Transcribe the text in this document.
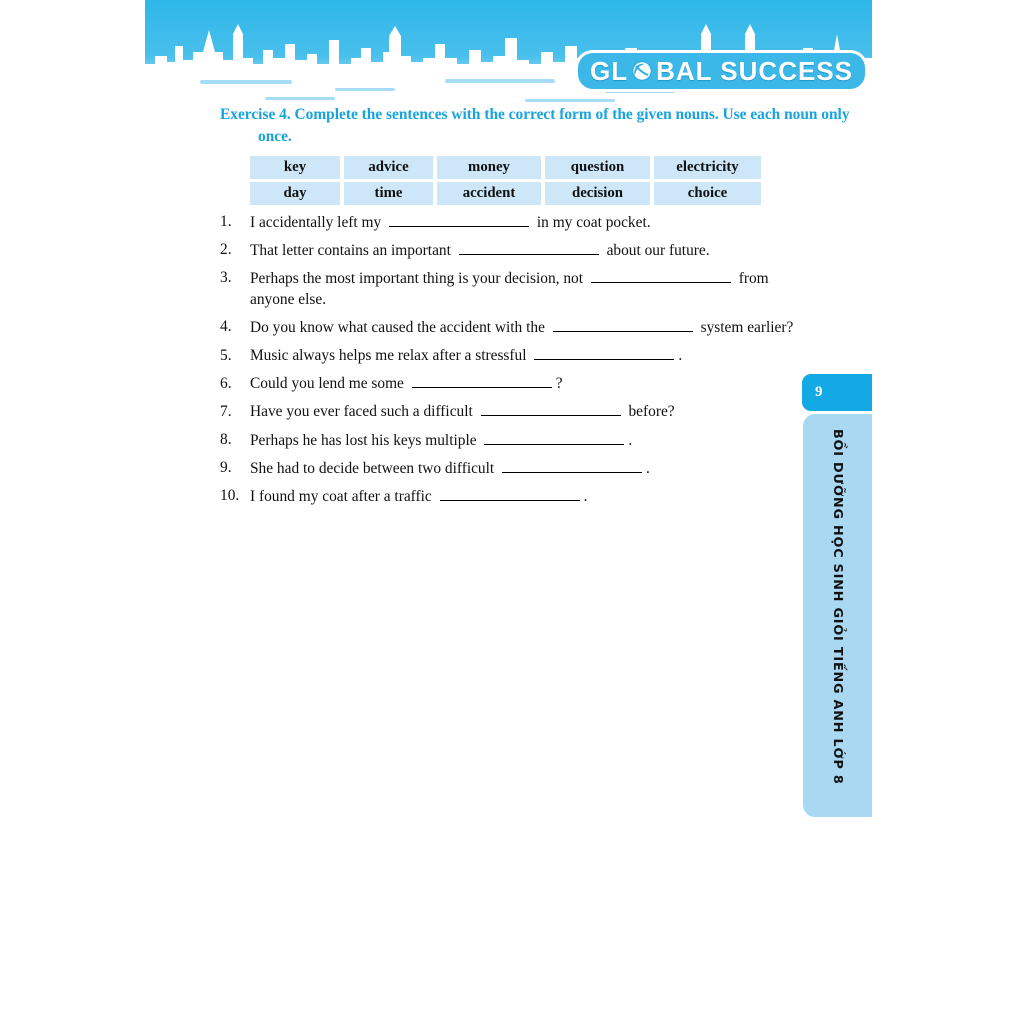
GL BAL SUCCESS
Exercise 4. Complete the sentences with the correct form of the given nouns. Use each noun only once.
key	advice	money	question	electricity
day	time	accident	decision	choice
1. I accidentally left my	in my coat pocket.
2. That letter contains an important	about our future.
3. Perhaps the most important thing is your decision, not	from anyone else.
4. Do you know what caused the accident with the	system earlier?
5. Music always helps me relax after a stressful	.
6. Could you lend me some	?
7. Have you ever faced such a difficult	before?
8. Perhaps he has lost his keys multiple	.
9. She had to decide between two difficult	.
10. I found my coat after a traffic	.
9
BỒI DƯỠNG HỌC SINH GIỎI TIẾNG ANH LỚP 8
